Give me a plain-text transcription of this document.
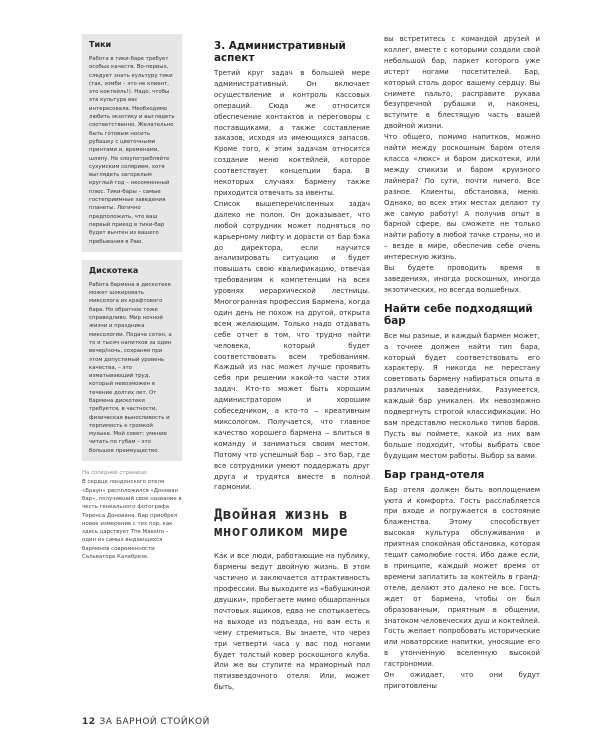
Тики
Работа в тики-баре требует особых качеств. Во-первых, следует знать культуру тики (так, зомби – это не клиент, это коктейль!). Надо, чтобы эта культура вас интересовала. Необходимо любить экзотику и выглядеть соответственно. Желательно быть готовым носить рубашку с цветочными принтами и, временами, шляпу. Не злоупотребляйте сухумским солярием, хотя выглядеть загорелым круглый год – несомненный плюс. Тики-бары – самые гостеприимные заведения планеты. Логично предположить, что ваш первый приезд в тики-бар будет вычтен из вашего пребывания в Раю.
Дискотека
Работа бармена в дискотеке может шокировать миксолога из крафтового бара. Но обратное тоже справедливо. Мир ночной жизни и праздника миксологии. Подача сотен, а то и тысяч напитков за один вечер/ночь, сохраняя при этом допустимый уровень качества, – это изматывающий труд, который невозможен в течение долгих лет. От бармена дискотеки требуется, в частности, физическая выносливость и терпимость к громкой музыке. Мой совет: умение читать по губам – это большое преимущество.
На соседней странице:
В сердце лондонского отеля «Браун» расположился «Доновaн бар», получивший свое название в честь гениального фотографа Теренса Донована. Бар приобрел новое измерение с тех пор, как здесь царствует The Maestro – один из самых выдающихся барменов современности Сальваторе Калабрезе.
3. Административный аспект

Третий круг задач в большей мере административный. Он включает осуществление и контроль кассовых операций. Сюда же относится обеспечение контактов и переговоры с поставщиками, а также составление заказов, исходя из имеющихся запасов. Кроме того, к этим задачам относится создание меню коктейлей, которое соответствует концепции бара. В некоторых случаях бармену также приходится отвечать за ивенты.

Список вышеперечисленных задач далеко не полон. Он доказывает, что любой сотрудник может подняться по карьерному лифту и дорасти от бар бэка до директора, если научится анализировать ситуацию и будет повышать свою квалификацию, отвечая требованиям к компетенции на всех уровнях иерархической лестницы. Многогранная профессия Бармена, когда один день не похож на другой, открыта всем желающим. Только надо отдавать себе отчет в том, что трудно найти человека, который будет соответствовать всем требованиям. Каждый из нас может лучше проявить себя при решении какой-то части этих задач. Кто-то может быть хорошим администратором и хорошим собеседником, а кто-то ‒ креативным миксологом. Получается, что главное качество хорошего бармена ‒ влиться в команду и заниматься своим местом. Потому что успешный бар ‒ это бар, где все сотрудники умеют поддержать друг друга и трудятся вместе в полной гармонии.

Двойная жизнь в многоликом мире

Как и все люди, работающие на публику, бармены ведут двойную жизнь. В этом частично и заключается аттрактивность профессии. Вы выходите из «бабушкиной двушки», пробегаете мимо обшарпанных почтовых ящиков, едва не спотыкаетесь на выходе из подъезда, но вам есть к чему стремиться. Вы знаете, что через три четверти часа у вас под ногами будет толстый ковер роскошного клуба. Или же вы ступите на мраморный пол пятизвездочного отеля. Или, может быть,

вы встретитесь с командой друзей и коллег, вместе с которыми создали свой небольшой бар, паркет которого уже истерт ногами посетителей. Бар, который столь дорог вашему сердцу. Вы снимете пальто, расправите рукава безупречной рубашки и, наконец, вступите в блестящую часть вашей двойной жизни.

Что общего, помимо напитков, можно найти между роскошным баром отеля класса «люкс» и баром дискотеки, или между спикизи и баром круизного лайнера? По сути, почти ничего. Все разное. Клиенты, обстановка, меню. Однако, во всех этих местах делают ту же самую работу! А получив опыт в барной сфере, вы сможете не только найти работу в любой точке страны, но и – везде в мире, обеспечив себе очень интересную жизнь.

Вы будете проводить время в заведениях, иногда роскошных, иногда экзотических, но всегда волшебных.

Найти себе подходящий бар

Все мы разные, и каждый бармен может, а точнее должен найти тип бара, который будет соответствовать его характеру. Я никогда не перестану советовать бармену набираться опыта в различных заведениях. Разумеется, каждый бар уникален. Их невозможно подвергнуть строгой классификации. Но вам представлю несколько типов баров. Пусть вы поймете, какой из них вам больше подходит, чтобы выбрать свое будущим местом работы. Выбор за вами.

Бар гранд-отеля

Бар отеля должен быть воплощением уюта и комфорта. Гость расслабляется при входе и погружается в состояние блаженства. Этому способствует высокая культура обслуживания и приятная спокойная обстановка, которая тешит самолюбие гостя. Ибо даже если, в принципе, каждый может время от времени заплатить за коктейль в гранд-отеле, делают это далеко не все. Гость ждет от бармена, чтобы он был образованным, приятным в общении, знатоком человеческих душ и коктейлей. Гость желает попробовать исторические или новаторские напитки, уносящие его в утонченную вселенную высокой гастрономии.

Он ожидает, что они будут приготовлены

12 ЗА БАРНОЙ СТОЙКОЙ
